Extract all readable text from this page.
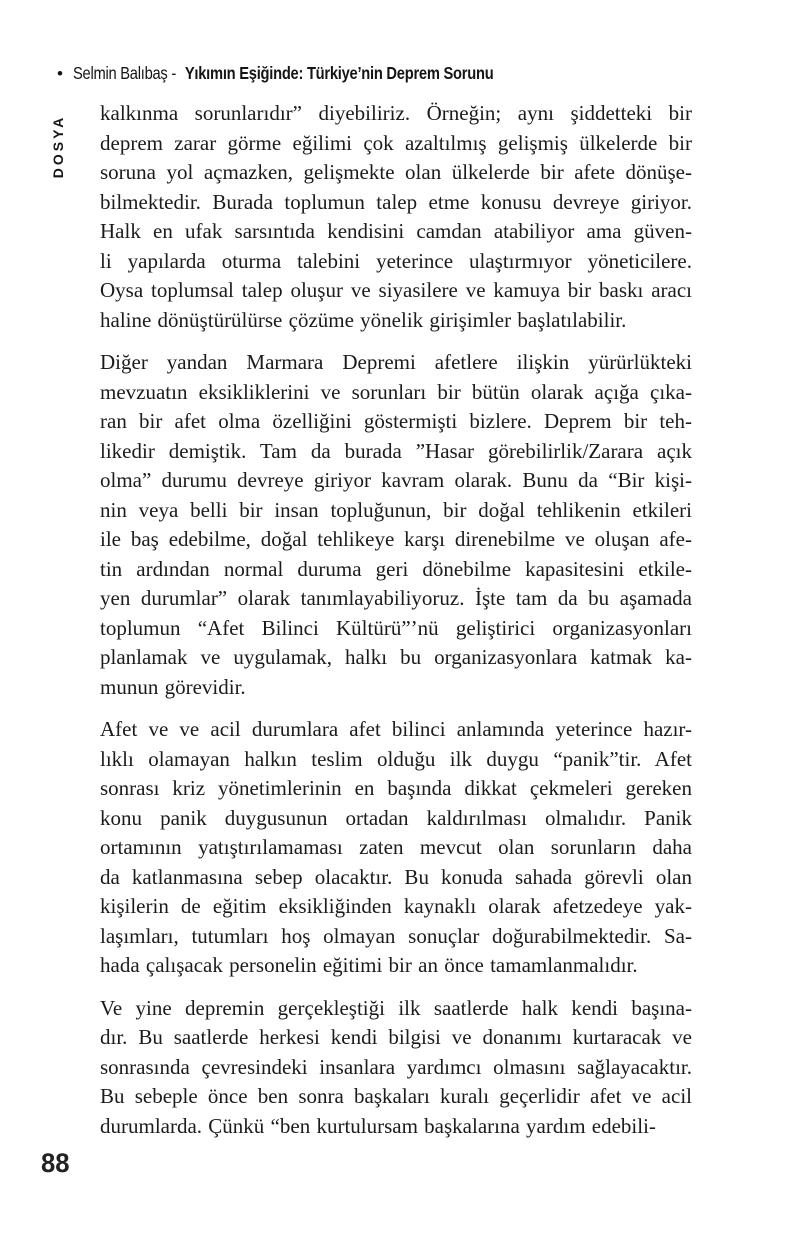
• Selmin Balıbaş - Yıkımın Eşiğinde: Türkiye’nin Deprem Sorunu
DOSYA
kalkınma sorunlarıdır” diyebiliriz. Örneğin; aynı şiddetteki bir
deprem zarar görme eğilimi çok azaltılmış gelişmiş ülkelerde bir
soruna yol açmazken, gelişmekte olan ülkelerde bir afete dönüşe-
bilmektedir. Burada toplumun talep etme konusu devreye giriyor.
Halk en ufak sarsıntıda kendisini camdan atabiliyor ama güven-
li yapılarda oturma talebini yeterince ulaştırmıyor yöneticilere.
Oysa toplumsal talep oluşur ve siyasilere ve kamuya bir baskı aracı
haline dönüştürülürse çözüme yönelik girişimler başlatılabilir.
Diğer yandan Marmara Depremi afetlere ilişkin yürürlükteki
mevzuatın eksikliklerini ve sorunları bir bütün olarak açığa çıka-
ran bir afet olma özelliğini göstermişti bizlere. Deprem bir teh-
likedir demiştik. Tam da burada ”Hasar görebilirlik/Zarara açık
olma” durumu devreye giriyor kavram olarak. Bunu da “Bir kişi-
nin veya belli bir insan topluğunun, bir doğal tehlikenin etkileri
ile baş edebilme, doğal tehlikeye karşı direnebilme ve oluşan afe-
tin ardından normal duruma geri dönebilme kapasitesini etkile-
yen durumlar” olarak tanımlayabiliyoruz. İşte tam da bu aşamada
toplumun “Afet Bilinci Kültürü”’nü geliştirici organizasyonları
planlamak ve uygulamak, halkı bu organizasyonlara katmak ka-
munun görevidir.
Afet ve ve acil durumlara afet bilinci anlamında yeterince hazır-
lıklı olamayan halkın teslim olduğu ilk duygu “panik”tir. Afet
sonrası kriz yönetimlerinin en başında dikkat çekmeleri gereken
konu panik duygusunun ortadan kaldırılması olmalıdır. Panik
ortamının yatıştırılamaması zaten mevcut olan sorunların daha
da katlanmasına sebep olacaktır. Bu konuda sahada görevli olan
kişilerin de eğitim eksikliğinden kaynaklı olarak afetzedeye yak-
laşımları, tutumları hoş olmayan sonuçlar doğurabilmektedir. Sa-
hada çalışacak personelin eğitimi bir an önce tamamlanmalıdır.
Ve yine depremin gerçekleştiği ilk saatlerde halk kendi başına-
dır. Bu saatlerde herkesi kendi bilgisi ve donanımı kurtaracak ve
sonrasında çevresindeki insanlara yardımcı olmasını sağlayacaktır.
Bu sebeple önce ben sonra başkaları kuralı geçerlidir afet ve acil
durumlarda. Çünkü “ben kurtulursam başkalarına yardım edebili-
88
